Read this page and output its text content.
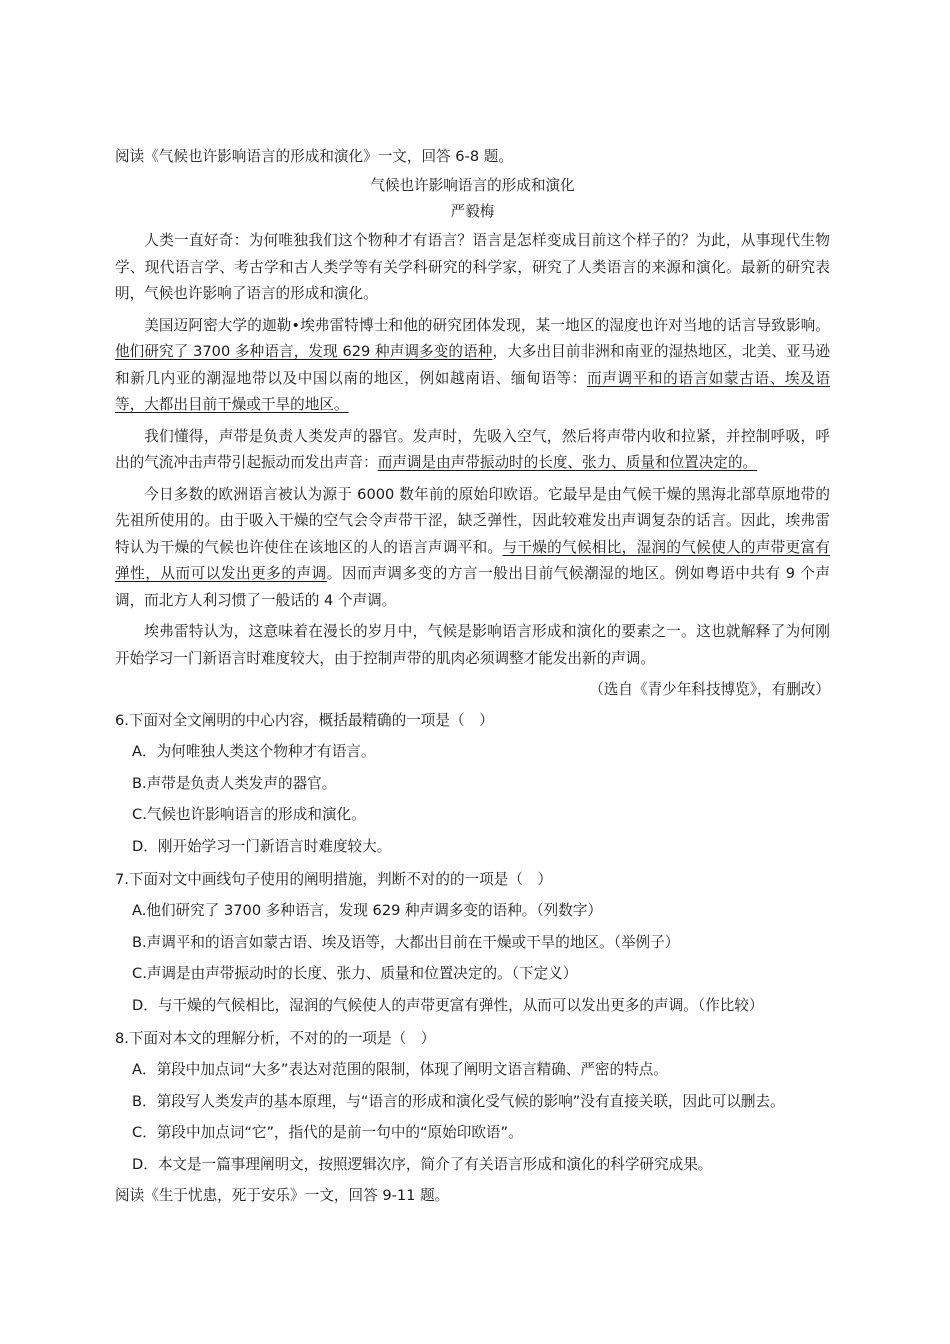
阅读《气候也许影响语言的形成和演化》一文，回答 6-8 题。
气候也许影响语言的形成和演化
严毅梅

人类一直好奇：为何唯独我们这个物种才有语言？语言是怎样变成目前这个样子的？为此，从事现代生物学、现代语言学、考古学和古人类学等有关学科研究的科学家，研究了人类语言的来源和演化。最新的研究表明，气候也许影响了语言的形成和演化。

美国迈阿密大学的迦勒•埃弗雷特博士和他的研究团体发现，某一地区的湿度也许对当地的话言导致影响。他们研究了 3700 多种语言，发现 629 种声调多变的语种，大多出目前非洲和南亚的湿热地区，北美、亚马逊和新几内亚的潮湿地带以及中国以南的地区，例如越南语、缅甸语等：而声调平和的语言如蒙古语、埃及语等，大都出目前干燥或干旱的地区。

我们懂得，声带是负责人类发声的器官。发声时，先吸入空气，然后将声带内收和拉紧，并控制呼吸，呼出的气流冲击声带引起振动而发出声音：而声调是由声带振动时的长度、张力、质量和位置决定的。

今日多数的欧洲语言被认为源于 6000 数年前的原始印欧语。它最早是由气候干燥的黑海北部草原地带的先祖所使用的。由于吸入干燥的空气会令声带干涩，缺乏弹性，因此较难发出声调复杂的话言。因此，埃弗雷特认为干燥的气候也许使住在该地区的人的语言声调平和。与干燥的气候相比，湿润的气候使人的声带更富有弹性，从而可以发出更多的声调。因而声调多变的方言一般出目前气候潮湿的地区。例如粤语中共有 9 个声调，而北方人利习惯了一般话的 4 个声调。

埃弗雷特认为，这意味着在漫长的岁月中，气候是影响语言形成和演化的要素之一。这也就解释了为何刚开始学习一门新语言时难度较大，由于控制声带的肌肉必须调整才能发出新的声调。

（选自《青少年科技博览》，有删改）
6.下面对全文阐明的中心内容，概括最精确的一项是（　）
A．为何唯独人类这个物种才有语言。
B.声带是负责人类发声的器官。
C.气候也许影响语言的形成和演化。
D．刚开始学习一门新语言时难度较大。
7.下面对文中画线句子使用的阐明措施，判断不对的的一项是（　）
A.他们研究了 3700 多种语言，发现 629 种声调多变的语种。（列数字）
B.声调平和的语言如蒙古语、埃及语等，大都出目前在干燥或干旱的地区。（举例子）
C.声调是由声带振动时的长度、张力、质量和位置决定的。（下定义）
D．与干燥的气候相比，湿润的气候使人的声带更富有弹性，从而可以发出更多的声调。（作比较）
8.下面对本文的理解分析，不对的的一项是（　）
A．第段中加点词“大多”表达对范围的限制，体现了阐明文语言精确、严密的特点。
B．第段写人类发声的基本原理，与“语言的形成和演化受气候的影响”没有直接关联，因此可以删去。
C．第段中加点词“它”，指代的是前一句中的“原始印欧语”。
D．本文是一篇事理阐明文，按照逻辑次序，简介了有关语言形成和演化的科学研究成果。
阅读《生于忧患，死于安乐》一文，回答 9-11 题。
